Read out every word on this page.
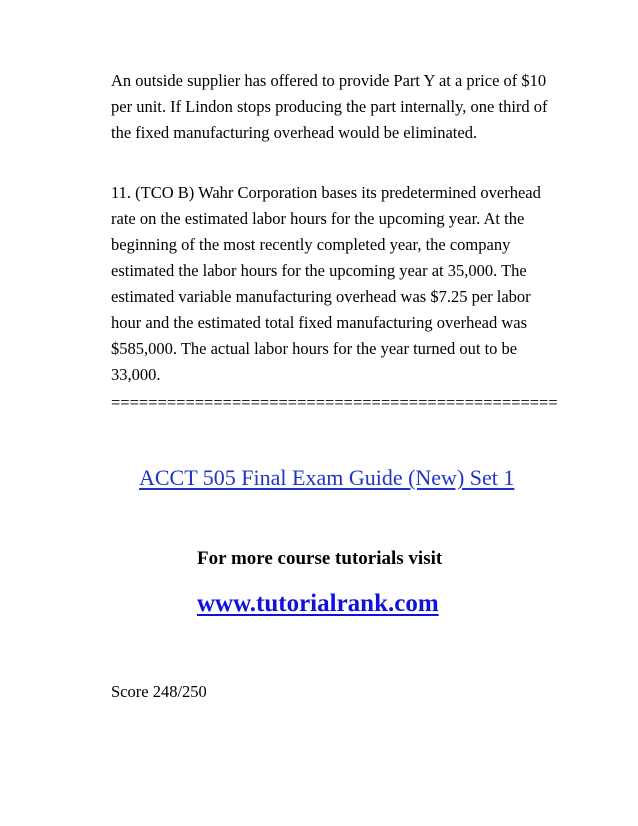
An outside supplier has offered to provide Part Y at a price of $10
per unit. If Lindon stops producing the part internally, one third of
the fixed manufacturing overhead would be eliminated.
11. (TCO B) Wahr Corporation bases its predetermined overhead
rate on the estimated labor hours for the upcoming year. At the
beginning of the most recently completed year, the company
estimated the labor hours for the upcoming year at 35,000. The
estimated variable manufacturing overhead was $7.25 per labor
hour and the estimated total fixed manufacturing overhead was
$585,000. The actual labor hours for the year turned out to be
33,000.
================================================
ACCT 505 Final Exam Guide (New) Set 1
For more course tutorials visit
www.tutorialrank.com
Score 248/250
